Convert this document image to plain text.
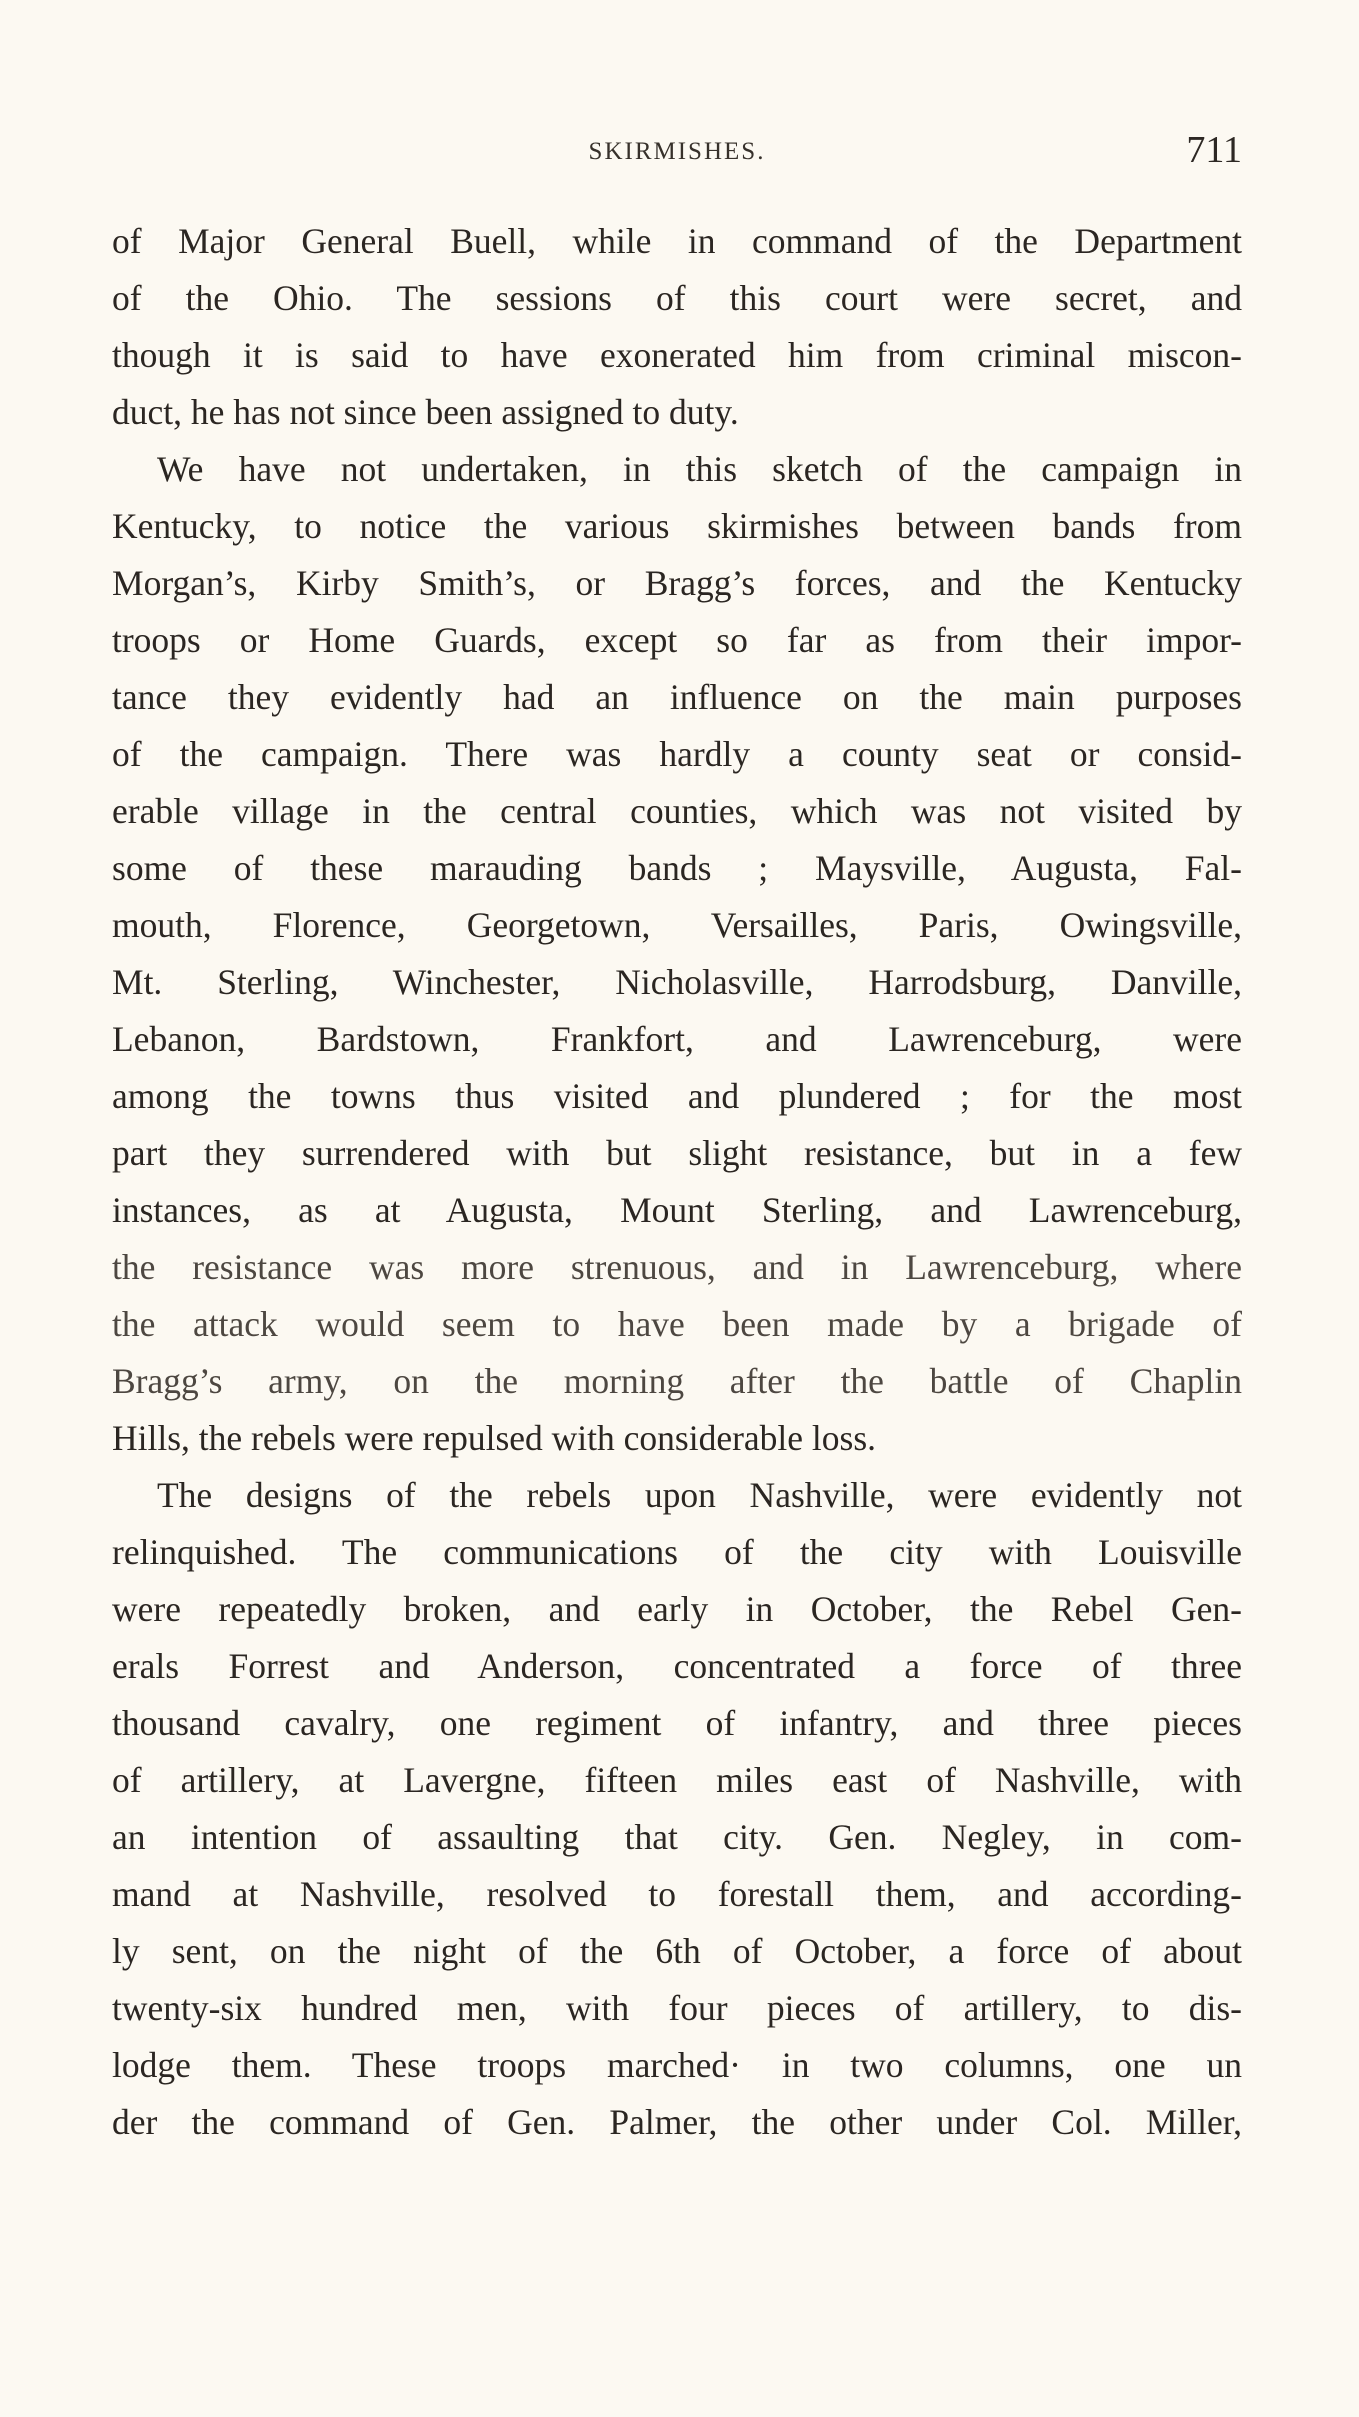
SKIRMISHES.	711
of Major General Buell, while in command of the Department
of the Ohio. The sessions of this court were secret, and
though it is said to have exonerated him from criminal miscon-
duct, he has not since been assigned to duty.
We have not undertaken, in this sketch of the campaign in
Kentucky, to notice the various skirmishes between bands from
Morgan’s, Kirby Smith’s, or Bragg’s forces, and the Kentucky
troops or Home Guards, except so far as from their impor-
tance they evidently had an influence on the main purposes
of the campaign. There was hardly a county seat or consid-
erable village in the central counties, which was not visited by
some of these marauding bands ; Maysville, Augusta, Fal-
mouth, Florence, Georgetown, Versailles, Paris, Owingsville,
Mt. Sterling, Winchester, Nicholasville, Harrodsburg, Danville,
Lebanon, Bardstown, Frankfort, and Lawrenceburg, were
among the towns thus visited and plundered ; for the most
part they surrendered with but slight resistance, but in a few
instances, as at Augusta, Mount Sterling, and Lawrenceburg,
the resistance was more strenuous, and in Lawrenceburg, where
the attack would seem to have been made by a brigade of
Bragg’s army, on the morning after the battle of Chaplin
Hills, the rebels were repulsed with considerable loss.
The designs of the rebels upon Nashville, were evidently not
relinquished. The communications of the city with Louisville
were repeatedly broken, and early in October, the Rebel Gen-
erals Forrest and Anderson, concentrated a force of three
thousand cavalry, one regiment of infantry, and three pieces
of artillery, at Lavergne, fifteen miles east of Nashville, with
an intention of assaulting that city. Gen. Negley, in com-
mand at Nashville, resolved to forestall them, and according-
ly sent, on the night of the 6th of October, a force of about
twenty-six hundred men, with four pieces of artillery, to dis-
lodge them. These troops marched· in two columns, one un
der the command of Gen. Palmer, the other under Col. Miller,
